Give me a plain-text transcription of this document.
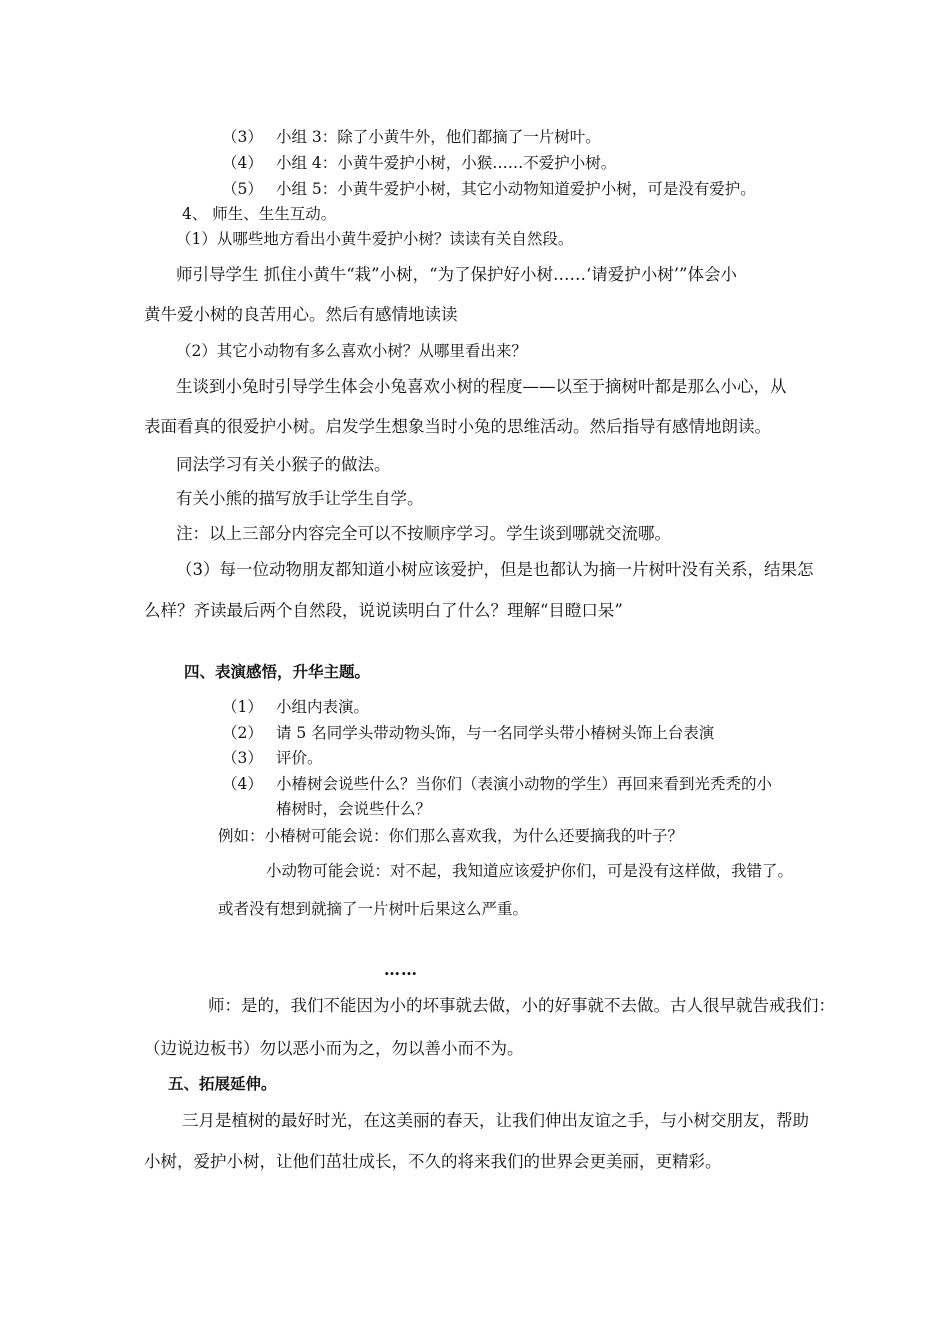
（3） 小组 3：除了小黄牛外，他们都摘了一片树叶。
（4） 小组 4：小黄牛爱护小树，小猴……不爱护小树。
（5） 小组 5：小黄牛爱护小树，其它小动物知道爱护小树，可是没有爱护。
4、 师生、生生互动。
（1）从哪些地方看出小黄牛爱护小树？读读有关自然段。
师引导学生 抓住小黄牛“栽”小树，“为了保护好小树……‘请爱护小树’”体会小
黄牛爱小树的良苦用心。然后有感情地读读
（2）其它小动物有多么喜欢小树？从哪里看出来？
生谈到小兔时引导学生体会小兔喜欢小树的程度——以至于摘树叶都是那么小心，从
表面看真的很爱护小树。启发学生想象当时小兔的思维活动。然后指导有感情地朗读。
同法学习有关小猴子的做法。
有关小熊的描写放手让学生自学。
注：以上三部分内容完全可以不按顺序学习。学生谈到哪就交流哪。
（3）每一位动物朋友都知道小树应该爱护，但是也都认为摘一片树叶没有关系，结果怎
么样？齐读最后两个自然段，说说读明白了什么？理解“目瞪口呆”
四、表演感悟，升华主题。
（1） 小组内表演。
（2） 请 5 名同学头带动物头饰，与一名同学头带小椿树头饰上台表演
（3） 评价。
（4） 小椿树会说些什么？当你们（表演小动物的学生）再回来看到光秃秃的小
椿树时，会说些什么？
例如：小椿树可能会说：你们那么喜欢我，为什么还要摘我的叶子？
小动物可能会说：对不起，我知道应该爱护你们，可是没有这样做，我错了。
或者没有想到就摘了一片树叶后果这么严重。
……
师：是的，我们不能因为小的坏事就去做，小的好事就不去做。古人很早就告戒我们：
（边说边板书）勿以恶小而为之，勿以善小而不为。
五、拓展延伸。
三月是植树的最好时光，在这美丽的春天，让我们伸出友谊之手，与小树交朋友，帮助
小树，爱护小树，让他们茁壮成长，不久的将来我们的世界会更美丽，更精彩。
